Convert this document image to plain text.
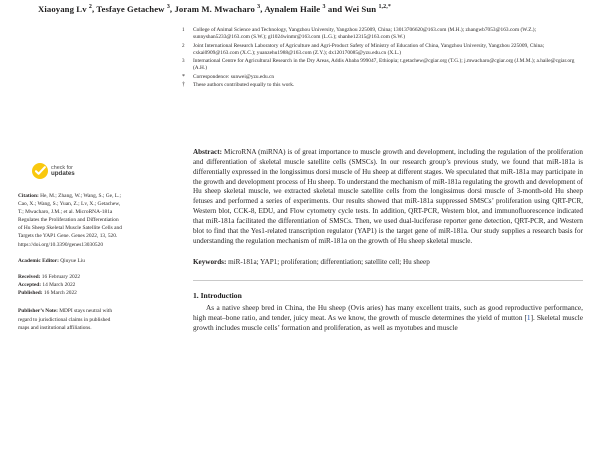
Xiaoyang Lv $^2$, Tesfaye Getachew $^3$, Joram M. Mwacharo $^3$, Aynalem Haile $^3$ and Wei Sun $^{1,2,*}$
1	College of Animal Science and Technology, Yangzhou University, Yangzhou 225009, China; 13013706620@163.com (M.H.); zhangwb7053@163.com (W.Z.); sunnyshan5233@163.com (S.W.); gl1024winmr@163.com (L.G.); shanhe12315@163.com (S.W.)
2	Joint International Research Laboratory of Agriculture and Agri-Product Safety of Ministry of Education of China, Yangzhou University, Yangzhou 225009, China; cxkai0909@163.com (X.C.); yuanzehu1988@163.com (Z.Y.); dx120170085@yzu.edu.cn (X.L.)
3	International Centre for Agricultural Research in the Dry Areas, Addis Ababa 999047, Ethiopia; t.getachew@cgiar.org (T.G.); j.mwacharo@cgiar.org (J.M.M.); a.haile@cgiar.org (A.H.)
*	Correspondence: sunwei@yzu.edu.cn
†	These authors contributed equally to this work.
check for
updates
Citation: He, M.; Zhang, W.; Wang, S.; Ge, L.; Cao, X.; Wang, S.; Yuan, Z.; Lv, X.; Getachew, T.; Mwacharo, J.M.; et al. MicroRNA-181a Regulates the Proliferation and Differentiation of Hu Sheep Skeletal Muscle Satellite Cells and Targets the YAP1 Gene. Genes 2022, 13, 520. https://doi.org/10.3390/genes13030520
Academic Editor: Qiuyue Liu
Received: 16 February 2022
Accepted: 14 March 2022
Published: 16 March 2022
Publisher’s Note: MDPI stays neutral with regard to jurisdictional claims in published maps and institutional affiliations.
Abstract: MicroRNA (miRNA) is of great importance to muscle growth and development, including the regulation of the proliferation and differentiation of skeletal muscle satellite cells (SMSCs). In our research group’s previous study, we found that miR-181a is differentially expressed in the longissimus dorsi muscle of Hu sheep at different stages. We speculated that miR-181a may participate in the growth and development process of Hu sheep. To understand the mechanism of miR-181a regulating the growth and development of Hu sheep skeletal muscle, we extracted skeletal muscle satellite cells from the longissimus dorsi muscle of 3-month-old Hu sheep fetuses and performed a series of experiments. Our results showed that miR-181a suppressed SMSCs’ proliferation using QRT-PCR, Western blot, CCK-8, EDU, and Flow cytometry cycle tests. In addition, QRT-PCR, Western blot, and immunofluorescence indicated that miR-181a facilitated the differentiation of SMSCs. Then, we used dual-luciferase reporter gene detection, QRT-PCR, and Western blot to find that the Yes1-related transcription regulator (YAP1) is the target gene of miR-181a. Our study supplies a research basis for understanding the regulation mechanism of miR-181a on the growth of Hu sheep skeletal muscle.
Keywords: miR-181a; YAP1; proliferation; differentiation; satellite cell; Hu sheep
1. Introduction
As a native sheep bred in China, the Hu sheep (Ovis aries) has many excellent traits, such as good reproductive performance, high meat–bone ratio, and tender, juicy meat. As we know, the growth of muscle determines the yield of mutton [1]. Skeletal muscle growth includes muscle cells’ formation and proliferation, as well as myotubes and muscle
